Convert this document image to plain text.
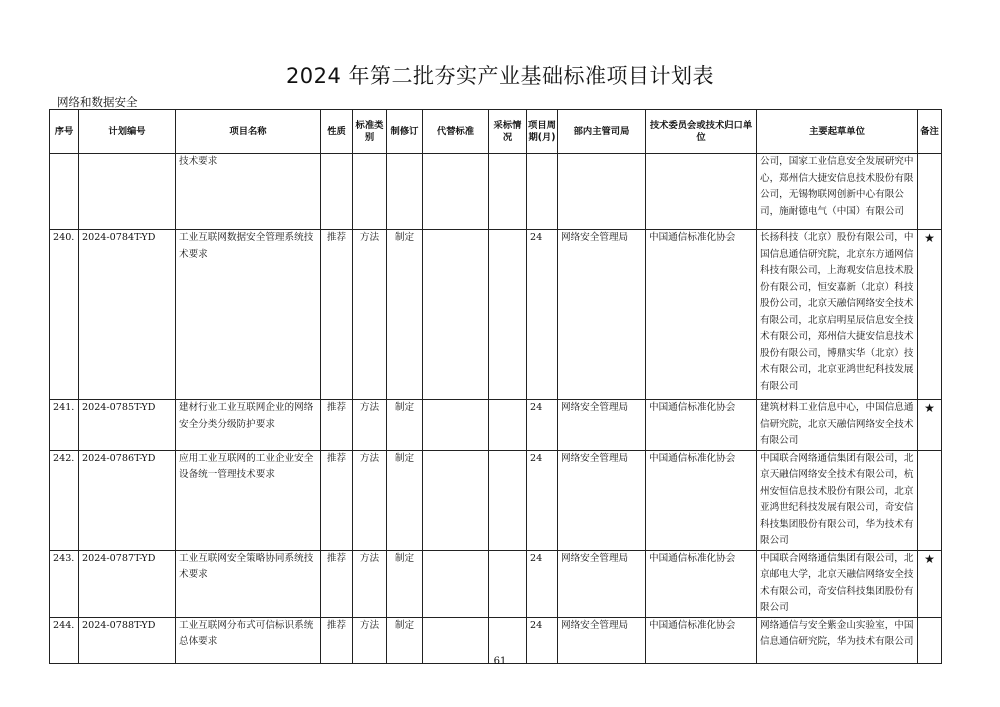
2024 年第二批夯实产业基础标准项目计划表
网络和数据安全
序号	计划编号	项目名称	性质	标准类别	制修订	代替标准	采标情况	项目周期(月)	部内主管司局	技术委员会或技术归口单位	主要起草单位	备注
		技术要求									公司，国家工业信息安全发展研究中心，郑州信大捷安信息技术股份有限公司，无锡物联网创新中心有限公司，施耐德电气（中国）有限公司	
240.	2024-0784T-YD	工业互联网数据安全管理系统技术要求	推荐	方法	制定			24	网络安全管理局	中国通信标准化协会	长扬科技（北京）股份有限公司，中国信息通信研究院，北京东方通网信科技有限公司，上海观安信息技术股份有限公司，恒安嘉新（北京）科技股份公司，北京天融信网络安全技术有限公司，北京启明星辰信息安全技术有限公司，郑州信大捷安信息技术股份有限公司，博鼎实华（北京）技术有限公司，北京亚鸿世纪科技发展有限公司	★
241.	2024-0785T-YD	建材行业工业互联网企业的网络安全分类分级防护要求	推荐	方法	制定			24	网络安全管理局	中国通信标准化协会	建筑材料工业信息中心，中国信息通信研究院，北京天融信网络安全技术有限公司	★
242.	2024-0786T-YD	应用工业互联网的工业企业安全设备统一管理技术要求	推荐	方法	制定			24	网络安全管理局	中国通信标准化协会	中国联合网络通信集团有限公司，北京天融信网络安全技术有限公司，杭州安恒信息技术股份有限公司，北京亚鸿世纪科技发展有限公司，奇安信科技集团股份有限公司，华为技术有限公司	
243.	2024-0787T-YD	工业互联网安全策略协同系统技术要求	推荐	方法	制定			24	网络安全管理局	中国通信标准化协会	中国联合网络通信集团有限公司，北京邮电大学，北京天融信网络安全技术有限公司，奇安信科技集团股份有限公司	★
244.	2024-0788T-YD	工业互联网分布式可信标识系统总体要求	推荐	方法	制定			24	网络安全管理局	中国通信标准化协会	网络通信与安全紫金山实验室，中国信息通信研究院，华为技术有限公司	
61
